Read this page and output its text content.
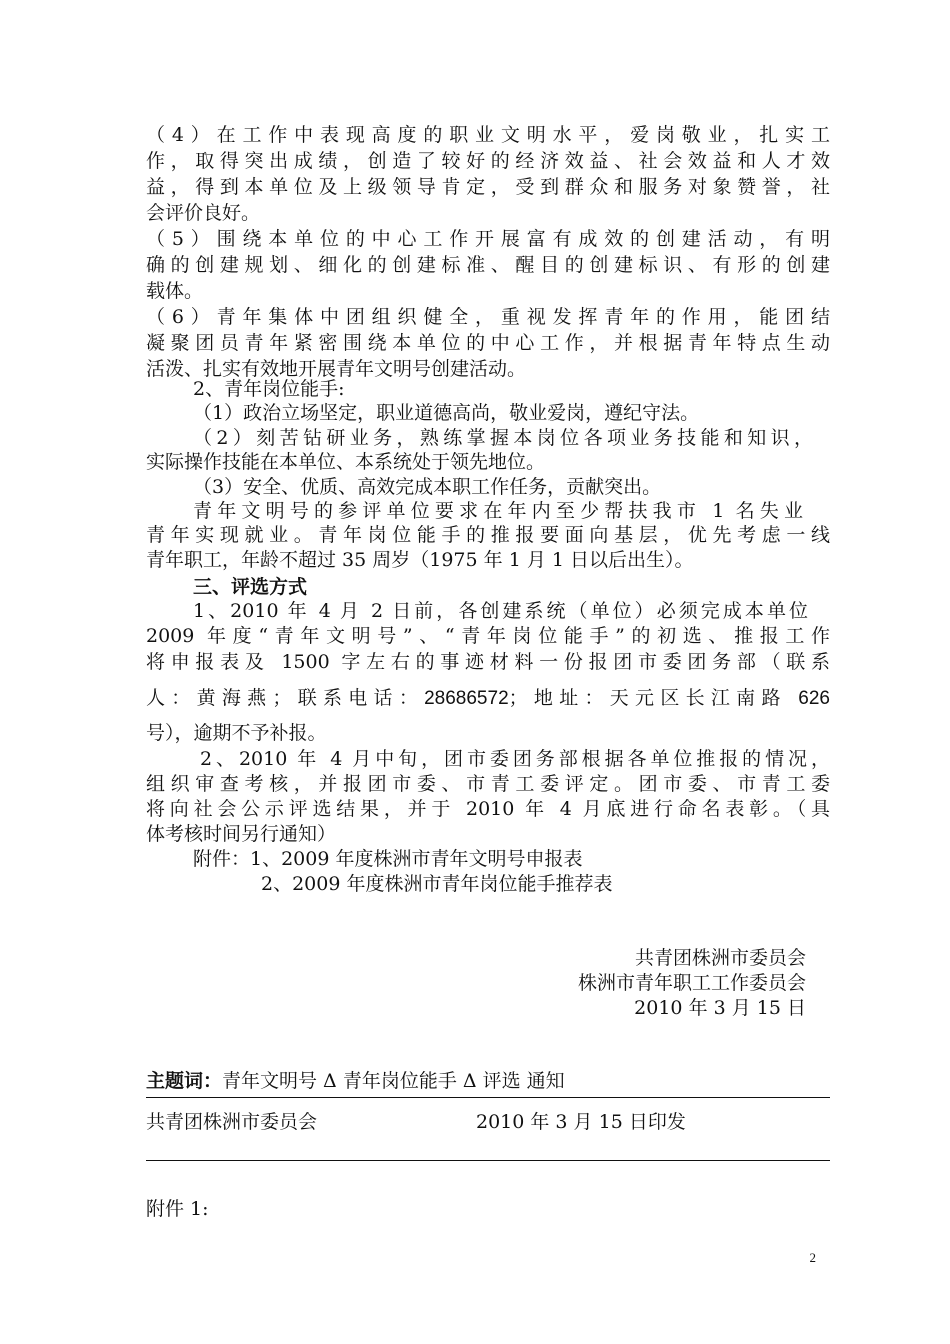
（4）在工作中表现高度的职业文明水平，爱岗敬业，扎实工
作，取得突出成绩，创造了较好的经济效益、社会效益和人才效
益，得到本单位及上级领导肯定，受到群众和服务对象赞誉，社
会评价良好。
（5）围绕本单位的中心工作开展富有成效的创建活动，有明
确的创建规划、细化的创建标准、醒目的创建标识、有形的创建
载体。
（6）青年集体中团组织健全，重视发挥青年的作用，能团结
凝聚团员青年紧密围绕本单位的中心工作，并根据青年特点生动
活泼、扎实有效地开展青年文明号创建活动。
2、青年岗位能手:
（1）政治立场坚定，职业道德高尚，敬业爱岗，遵纪守法。
（2）刻苦钻研业务，熟练掌握本岗位各项业务技能和知识，
实际操作技能在本单位、本系统处于领先地位。
（3）安全、优质、高效完成本职工作任务，贡献突出。
青年文明号的参评单位要求在年内至少帮扶我市 1 名失业
青年实现就业。青年岗位能手的推报要面向基层，优先考虑一线
青年职工，年龄不超过 35 周岁（1975 年 1 月 1 日以后出生）。
三、评选方式
1、2010 年 4 月 2 日前，各创建系统（单位）必须完成本单位
2009 年度“青年文明号”、“青年岗位能手”的初选、推报工作
将申报表及 1500 字左右的事迹材料一份报团市委团务部（联系
人：黄海燕；联系电话：28686572；地址：天元区长江南路 626
号），逾期不予补报。
2、2010 年 4 月中旬，团市委团务部根据各单位推报的情况，
组织审查考核，并报团市委、市青工委评定。团市委、市青工委
将向社会公示评选结果，并于 2010 年 4 月底进行命名表彰。（具
体考核时间另行通知）
附件：1、2009 年度株洲市青年文明号申报表
2、2009 年度株洲市青年岗位能手推荐表
共青团株洲市委员会
株洲市青年职工工作委员会
2010 年 3 月 15 日
主题词：青年文明号 Δ 青年岗位能手 Δ 评选 通知
共青团株洲市委员会	2010 年 3 月 15 日印发
附件 1:
2
